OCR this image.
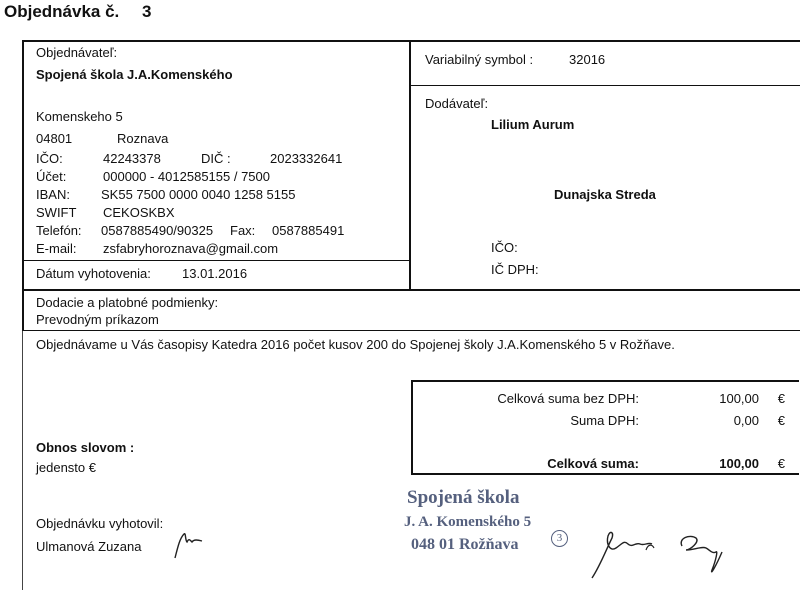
Objednávka č. 3
Objednávateľ:
Spojená škola J.A.Komenského
Komenskeho 5
04801	Roznava
IČO:	42243378	DIČ :	2023332641
Účet:	000000 - 4012585155 / 7500
IBAN: SK55 7500 0000 0040 1258 5155
SWIFT CEKOSKBX
Telefón: 0587885490/90325 Fax: 0587885491
E-mail: zsfabryhoroznava@gmail.com
Dátum vyhotovenia: 13.01.2016
Variabilný symbol :	32016
Dodávateľ:
Lilium Aurum
Dunajska Streda
IČO:
IČ DPH:
Dodacie a platobné podmienky:
Prevodným príkazom
Objednávame u Vás časopisy Katedra 2016 počet kusov 200 do Spojenej školy J.A.Komenského 5 v Rožňave.
Celková suma bez DPH:	100,00 €
Suma DPH:	0,00 €
Celková suma:	100,00 €
Obnos slovom :
jedensto €
Objednávku vyhotovil:
Ulmanová Zuzana
Spojená škola
J. A. Komenského 5
048 01 Rožňava	3
